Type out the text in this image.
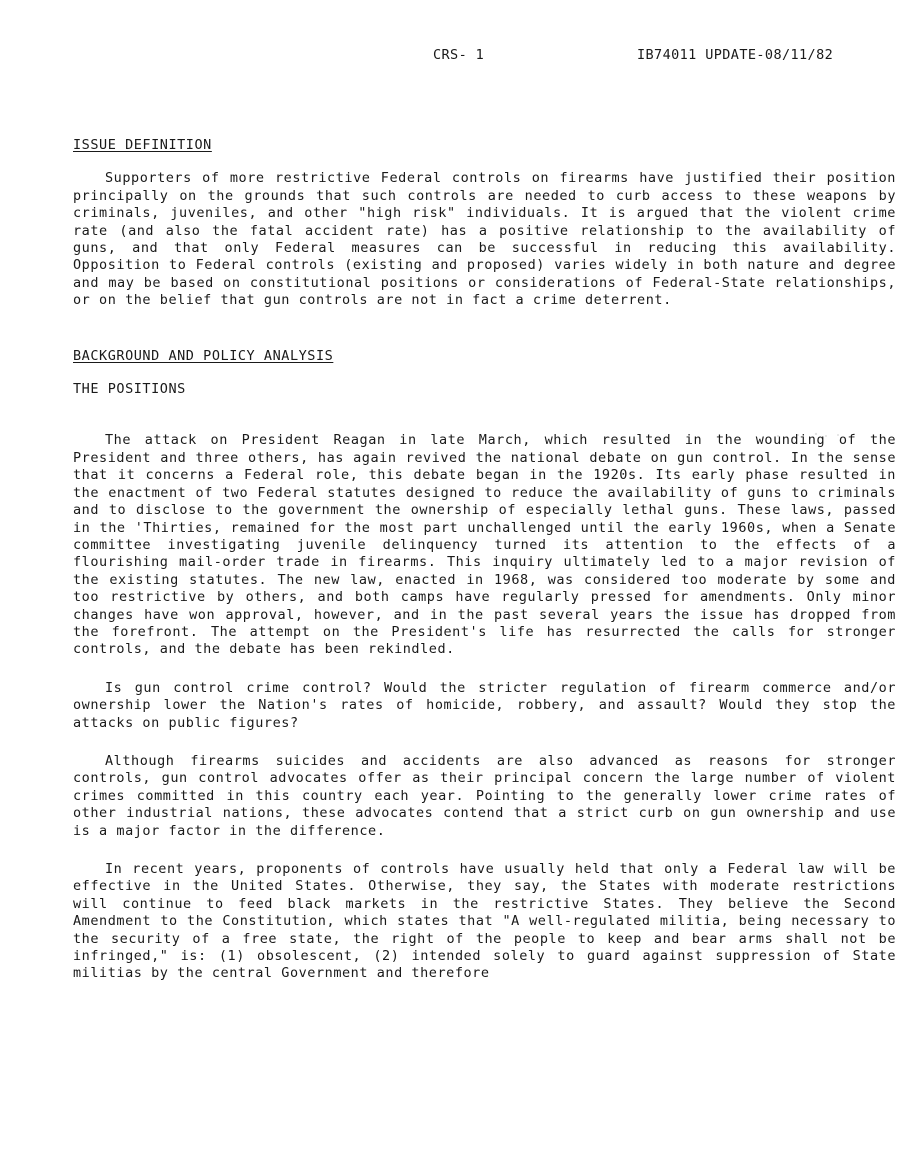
CRS- 1	IB74011 UPDATE-08/11/82
ISSUE DEFINITION

Supporters of more restrictive Federal controls on firearms have justified their position principally on the grounds that such controls are needed to curb access to these weapons by criminals, juveniles, and other "high risk" individuals. It is argued that the violent crime rate (and also the fatal accident rate) has a positive relationship to the availability of guns, and that only Federal measures can be successful in reducing this availability. Opposition to Federal controls (existing and proposed) varies widely in both nature and degree and may be based on constitutional positions or considerations of Federal-State relationships, or on the belief that gun controls are not in fact a crime deterrent.

BACKGROUND AND POLICY ANALYSIS
THE POSITIONS

The attack on President Reagan in late March, which resulted in the wounding of the President and three others, has again revived the national debate on gun control. In the sense that it concerns a Federal role, this debate began in the 1920s. Its early phase resulted in the enactment of two Federal statutes designed to reduce the availability of guns to criminals and to disclose to the government the ownership of especially lethal guns. These laws, passed in the 'Thirties, remained for the most part unchallenged until the early 1960s, when a Senate committee investigating juvenile delinquency turned its attention to the effects of a flourishing mail-order trade in firearms. This inquiry ultimately led to a major revision of the existing statutes. The new law, enacted in 1968, was considered too moderate by some and too restrictive by others, and both camps have regularly pressed for amendments. Only minor changes have won approval, however, and in the past several years the issue has dropped from the forefront. The attempt on the President's life has resurrected the calls for stronger controls, and the debate has been rekindled.

Is gun control crime control? Would the stricter regulation of firearm commerce and/or ownership lower the Nation's rates of homicide, robbery, and assault? Would they stop the attacks on public figures?

Although firearms suicides and accidents are also advanced as reasons for stronger controls, gun control advocates offer as their principal concern the large number of violent crimes committed in this country each year. Pointing to the generally lower crime rates of other industrial nations, these advocates contend that a strict curb on gun ownership and use is a major factor in the difference.

In recent years, proponents of controls have usually held that only a Federal law will be effective in the United States. Otherwise, they say, the States with moderate restrictions will continue to feed black markets in the restrictive States. They believe the Second Amendment to the Constitution, which states that "A well-regulated militia, being necessary to the security of a free state, the right of the people to keep and bear arms shall not be infringed," is: (1) obsolescent, (2) intended solely to guard against suppression of State militias by the central Government and therefore
